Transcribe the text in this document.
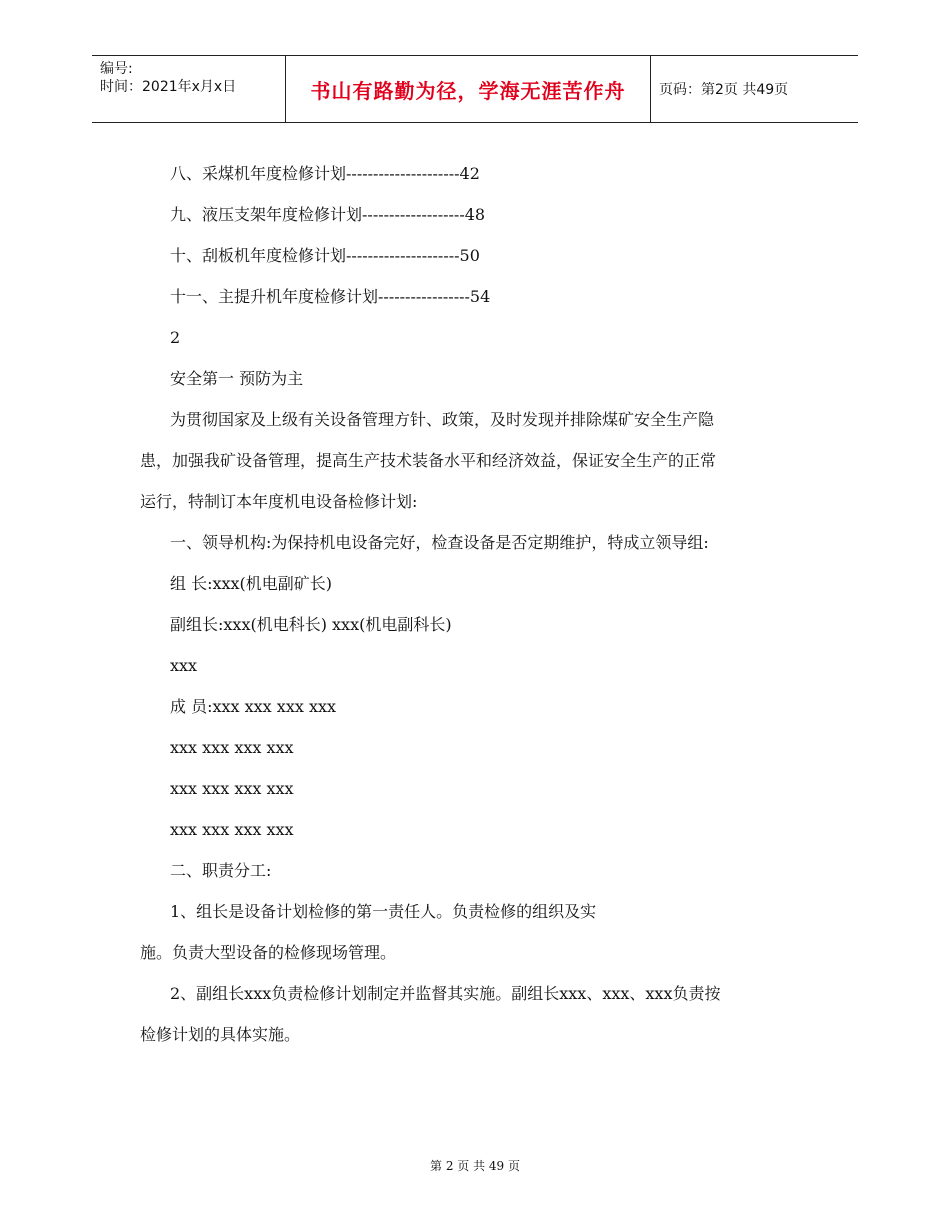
编号:
时间：2021年x月x日	书山有路勤为径，学海无涯苦作舟	页码：第2页 共49页

八、采煤机年度检修计划---------------------42

九、液压支架年度检修计划-------------------48

十、刮板机年度检修计划---------------------50

十一、主提升机年度检修计划-----------------54

2

安全第一 预防为主

为贯彻国家及上级有关设备管理方针、政策，及时发现并排除煤矿安全生产隐

患，加强我矿设备管理，提高生产技术装备水平和经济效益，保证安全生产的正常

运行，特制订本年度机电设备检修计划:

一、领导机构:为保持机电设备完好，检查设备是否定期维护，特成立领导组:

组 长:xxx(机电副矿长)

副组长:xxx(机电科长) xxx(机电副科长)

xxx

成 员:xxx xxx xxx xxx

xxx xxx xxx xxx

xxx xxx xxx xxx

xxx xxx xxx xxx

二、职责分工:

1、组长是设备计划检修的第一责任人。负责检修的组织及实

施。负责大型设备的检修现场管理。

2、副组长xxx负责检修计划制定并监督其实施。副组长xxx、xxx、xxx负责按

检修计划的具体实施。

第 2 页 共 49 页
